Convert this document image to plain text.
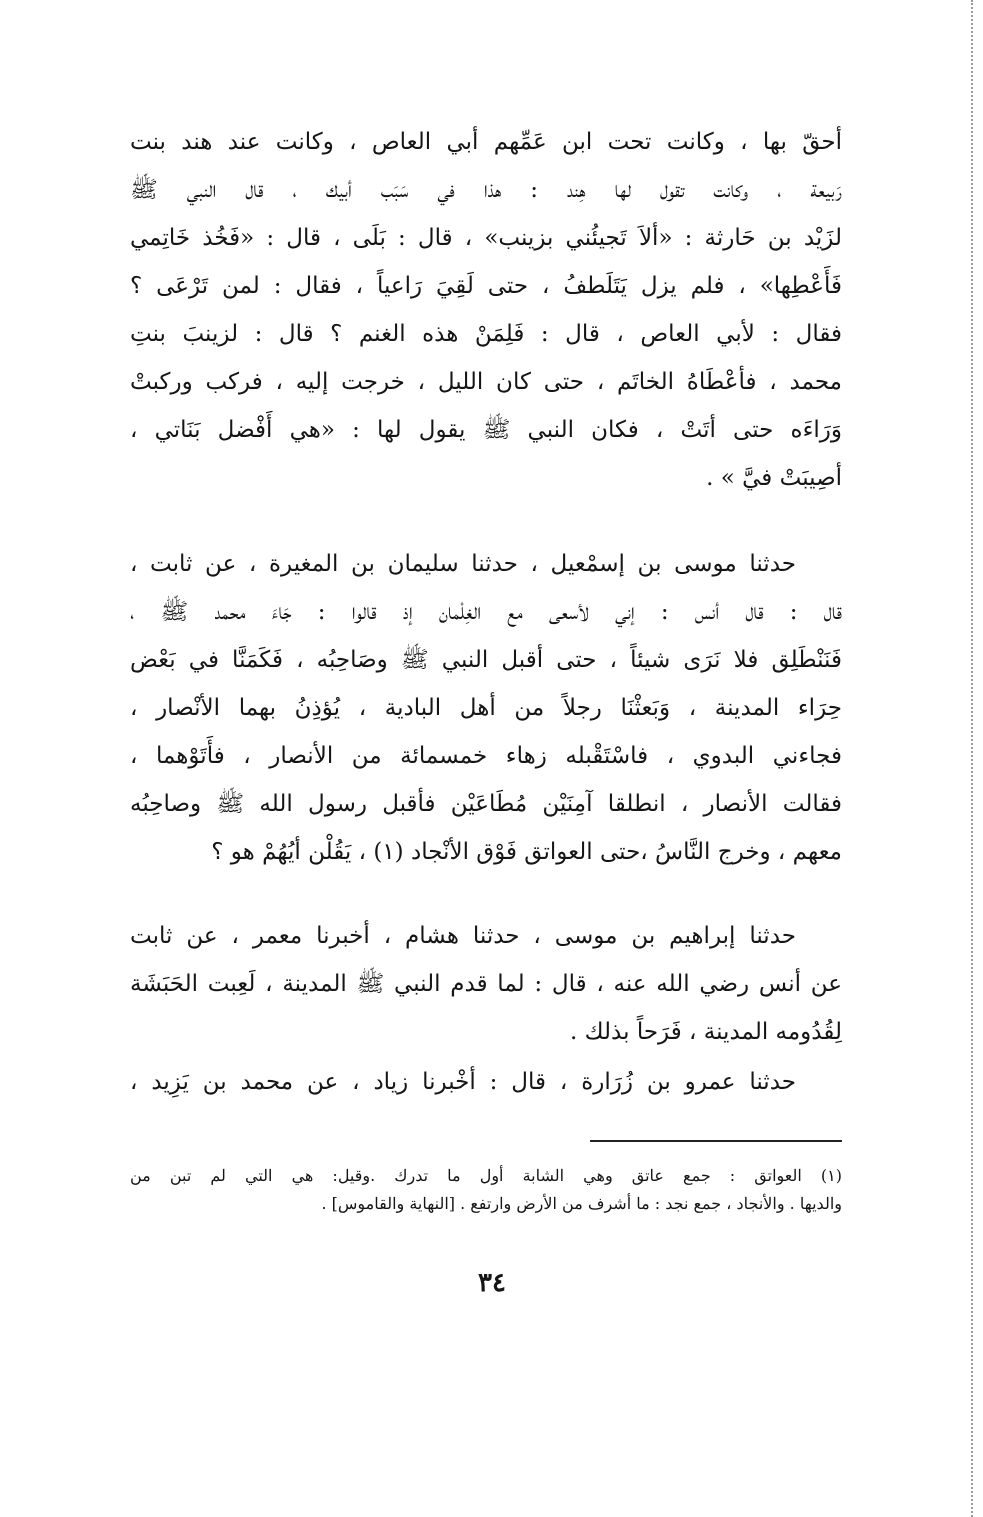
أحقّ بها ، وكانت تحت ابن عَمِّهم أبي العاص ، وكانت عند هند بنت
رَبيعة ، وكانت تقول لها هِند : هذا في سَبَب أبيك ، قال النبي ﷺ
لزَيْد بن حَارثة : «ألاَ تَجيئُني بزينب» ، قال : بَلَى ، قال : «فَخُذ خَاتِمي
فَأَعْطِها» ، فلم يزل يَتَلَطفُ ، حتى لَقِيَ رَاعياً ، فقال : لمن تَرْعَى ؟
فقال : لأبي العاص ، قال : فَلِمَنْ هذه الغنم ؟ قال : لزينبَ بنتِ
محمد ، فأعْطَاهُ الخاتَم ، حتى كان الليل ، خرجت إليه ، فركب وركبتْ
وَرَاءَه حتى أتَتْ ، فكان النبي ﷺ يقول لها : «هي أَفْضل بَنَاتي ،
أصِيبَتْ فيَّ » .
حدثنا موسى بن إسمْعيل ، حدثنا سليمان بن المغيرة ، عن ثابت ،
قال : قال أنس : إني لأسعى مع الغِلْمان إذ قالوا : جَاءَ محمد ﷺ ،
فَنَنْطَلِق فلا نَرَى شيئاً ، حتى أقبل النبي ﷺ وصَاحِبُه ، فَكَمَنَّا في بَعْض
حِرَاء المدينة ، وَبَعثْنَا رجلاً من أهل البادية ، يُؤذِنُ بهما الأنْصار ،
فجاءني البدوي ، فاسْتَقْبله زهاء خمسمائة من الأنصار ، فأَتَوْهما ،
فقالت الأنصار ، انطلقا آمِنَيْن مُطَاعَيْن فأقبل رسول الله ﷺ وصاحِبُه
معهم ، وخرج النَّاسُ ،حتى العواتق فَوْق الأنْجاد (١) ، يَقُلْن أيُهُمْ هو ؟
حدثنا إبراهيم بن موسى ، حدثنا هشام ، أخبرنا معمر ، عن ثابت
عن أنس رضي الله عنه ، قال : لما قدم النبي ﷺ المدينة ، لَعِبت الحَبَشَة
لِقُدُومه المدينة ، فَرَحاً بذلك .
حدثنا عمرو بن زُرَارة ، قال : أخْبرنا زياد ، عن محمد بن يَزِيد ،
(١) العواتق : جمع عاتق وهي الشابة أول ما تدرك .وقيل: هي التي لم تبن من
والديها . والأنجاد ، جمع نجد : ما أشرف من الأرض وارتفع . [النهاية والقاموس] .
٣٤
